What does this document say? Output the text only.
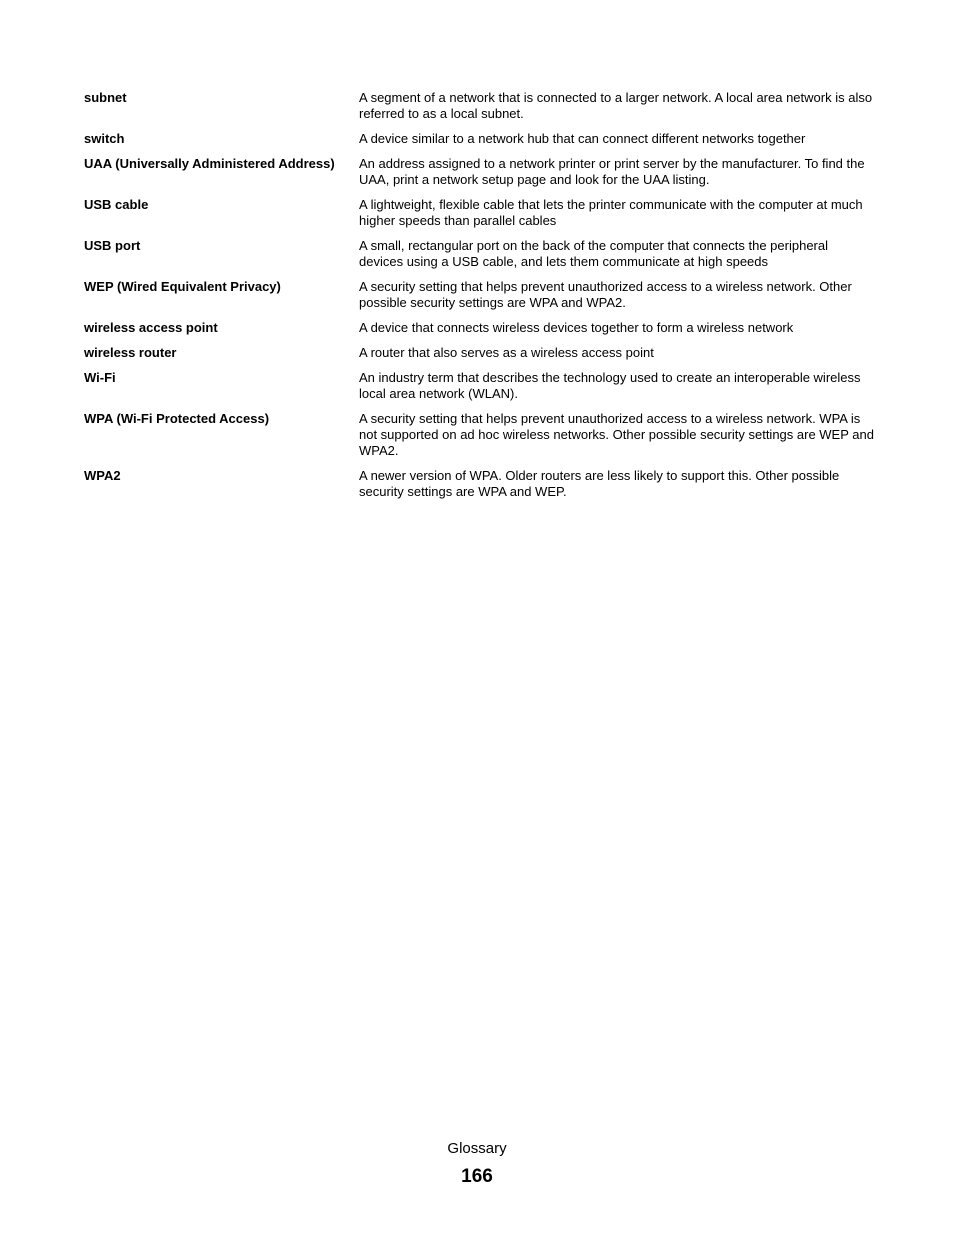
subnet	A segment of a network that is connected to a larger network. A local area network is also referred to as a local subnet.
switch	A device similar to a network hub that can connect different networks together
UAA (Universally Administered Address)	An address assigned to a network printer or print server by the manufacturer. To find the UAA, print a network setup page and look for the UAA listing.
USB cable	A lightweight, flexible cable that lets the printer communicate with the computer at much higher speeds than parallel cables
USB port	A small, rectangular port on the back of the computer that connects the peripheral devices using a USB cable, and lets them communicate at high speeds
WEP (Wired Equivalent Privacy)	A security setting that helps prevent unauthorized access to a wireless network. Other possible security settings are WPA and WPA2.
wireless access point	A device that connects wireless devices together to form a wireless network
wireless router	A router that also serves as a wireless access point
Wi-Fi	An industry term that describes the technology used to create an interoperable wireless local area network (WLAN).
WPA (Wi-Fi Protected Access)	A security setting that helps prevent unauthorized access to a wireless network. WPA is not supported on ad hoc wireless networks. Other possible security settings are WEP and WPA2.
WPA2	A newer version of WPA. Older routers are less likely to support this. Other possible security settings are WPA and WEP.
Glossary
166
